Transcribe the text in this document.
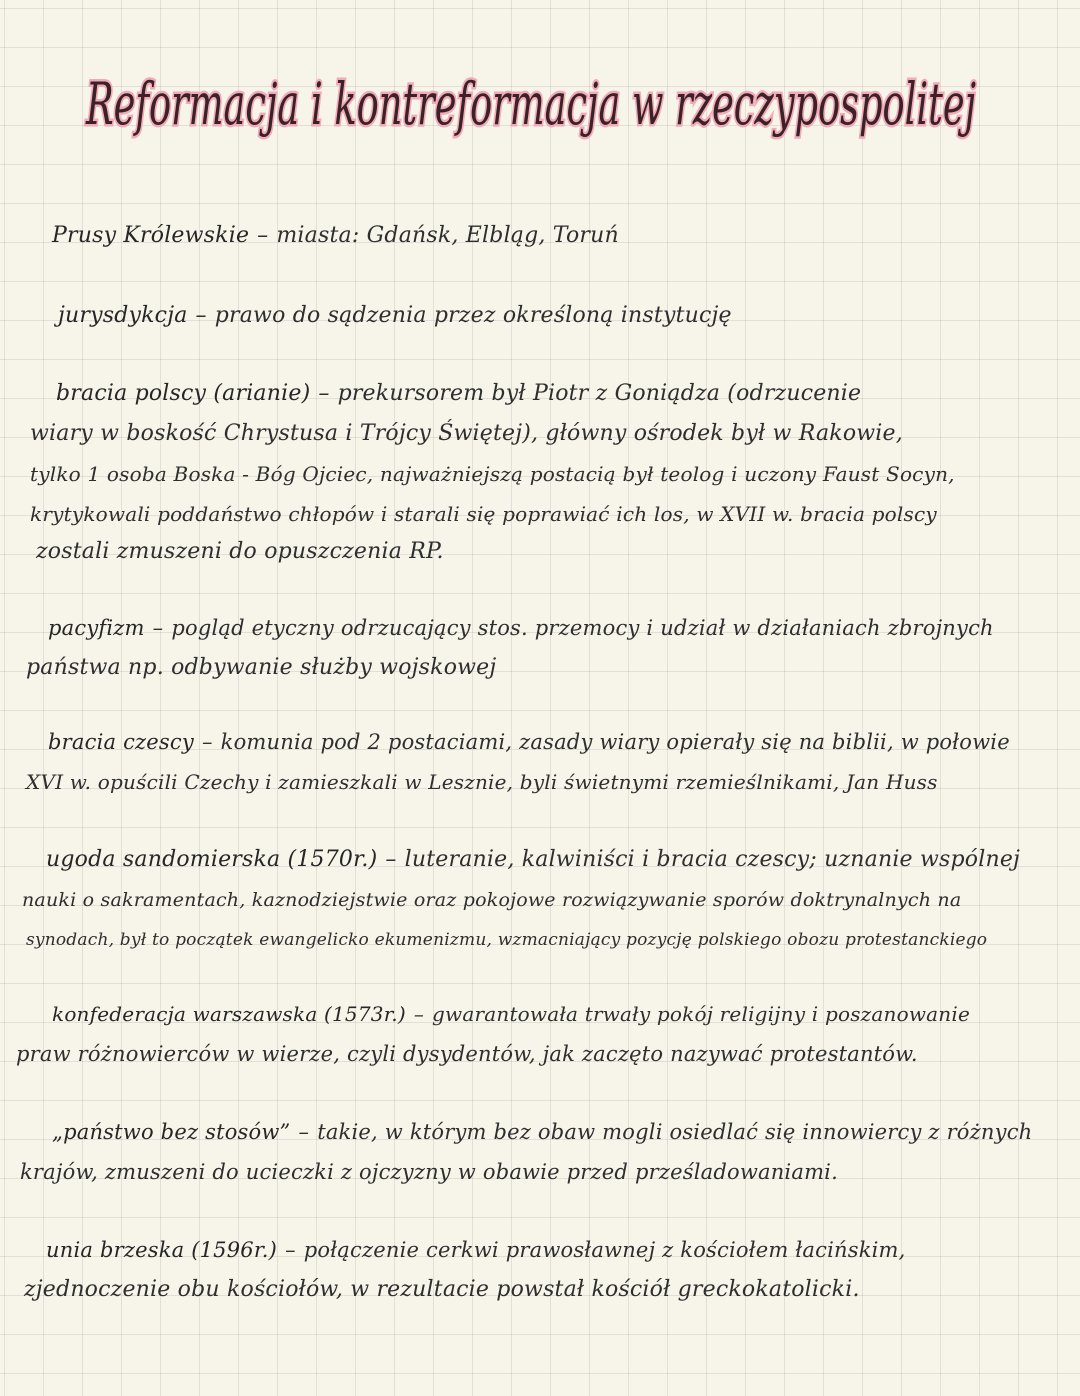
Reformacja i kontreformacja w rzeczypospolitej
Prusy Królewskie – miasta: Gdańsk, Elbląg, Toruń
jurysdykcja – prawo do sądzenia przez określoną instytucję
bracia polscy (arianie) – prekursorem był Piotr z Goniądza (odrzucenie
wiary w boskość Chrystusa i Trójcy Świętej), główny ośrodek był w Rakowie,
tylko 1 osoba Boska - Bóg Ojciec, najważniejszą postacią był teolog i uczony Faust Socyn,
krytykowali poddaństwo chłopów i starali się poprawiać ich los, w XVII w. bracia polscy
zostali zmuszeni do opuszczenia RP.
pacyfizm – pogląd etyczny odrzucający stos. przemocy i udział w działaniach zbrojnych
państwa np. odbywanie służby wojskowej
bracia czescy – komunia pod 2 postaciami, zasady wiary opierały się na biblii, w połowie
XVI w. opuścili Czechy i zamieszkali w Lesznie, byli świetnymi rzemieślnikami, Jan Huss
ugoda sandomierska (1570r.) – luteranie, kalwiniści i bracia czescy; uznanie wspólnej
nauki o sakramentach, kaznodziejstwie oraz pokojowe rozwiązywanie sporów doktrynalnych na
synodach, był to początek ewangelicko ekumenizmu, wzmacniający pozycję polskiego obozu protestanckiego
konfederacja warszawska (1573r.) – gwarantowała trwały pokój religijny i poszanowanie
praw różnowierców w wierze, czyli dysydentów, jak zaczęto nazywać protestantów.
„państwo bez stosów” – takie, w którym bez obaw mogli osiedlać się innowiercy z różnych
krajów, zmuszeni do ucieczki z ojczyzny w obawie przed prześladowaniami.
unia brzeska (1596r.) – połączenie cerkwi prawosławnej z kościołem łacińskim,
zjednoczenie obu kościołów, w rezultacie powstał kościół greckokatolicki.
